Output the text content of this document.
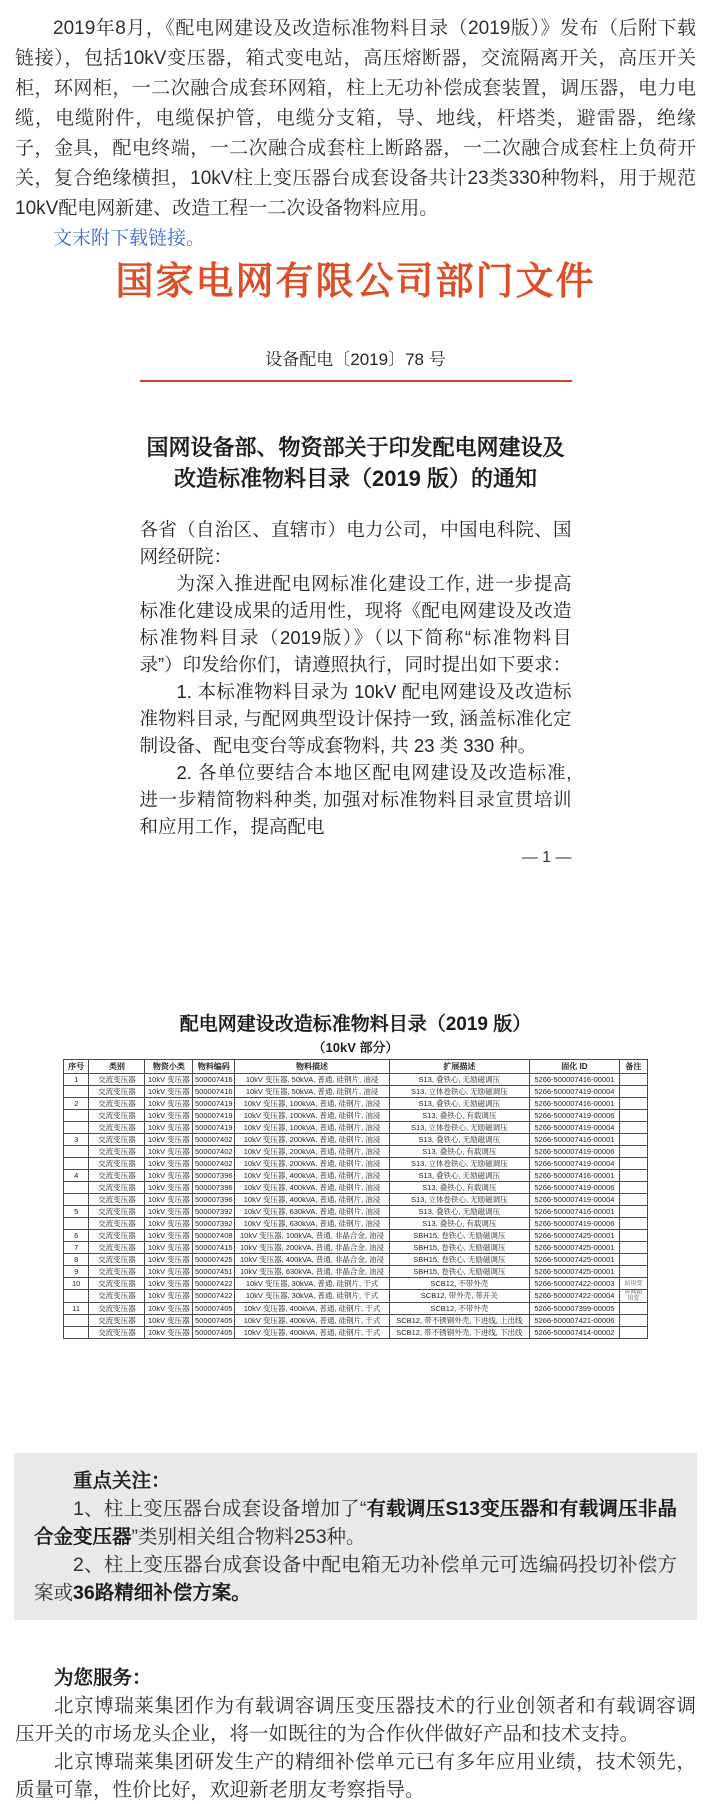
2019年8月，《配电网建设及改造标准物料目录（2019版）》发布（后附下载链接），包括10kV变压器，箱式变电站，高压熔断器，交流隔离开关，高压开关柜，环网柜，一二次融合成套环网箱，柱上无功补偿成套装置，调压器，电力电缆，电缆附件，电缆保护管，电缆分支箱，导、地线，杆塔类，避雷器，绝缘子，金具，配电终端，一二次融合成套柱上断路器，一二次融合成套柱上负荷开关，复合绝缘横担，10kV柱上变压器台成套设备共计23类330种物料，用于规范10kV配电网新建、改造工程一二次设备物料应用。

文末附下载链接。

国家电网有限公司部门文件
设备配电〔2019〕78 号
国网设备部、物资部关于印发配电网建设及
改造标准物料目录（2019 版）的通知

各省（自治区、直辖市）电力公司，中国电科院、国网经研院：

为深入推进配电网标准化建设工作, 进一步提高标准化建设成果的适用性，现将《配电网建设及改造标准物料目录（2019版）》（以下简称“标准物料目录”）印发给你们，请遵照执行，同时提出如下要求：

1. 本标准物料目录为 10kV 配电网建设及改造标准物料目录, 与配网典型设计保持一致, 涵盖标准化定制设备、配电变台等成套物料, 共 23 类 330 种。

2. 各单位要结合本地区配电网建设及改造标准, 进一步精简物料种类, 加强对标准物料目录宣贯培训和应用工作，提高配电

— 1 —
配电网建设改造标准物料目录（2019 版）
（10kV 部分）
序号	类别	物资小类	物料编码	物料描述	扩展描述	固化 ID	备注
1	交流变压器	10kV 变压器	500007416	10kV 变压器, 50kVA, 普通, 硅钢片, 油浸	S13, 叠铁心, 无励磁调压	5266-500007416-00001	
	交流变压器	10kV 变压器	500007416	10kV 变压器, 50kVA, 普通, 硅钢片, 油浸	S13, 立体卷铁心, 无励磁调压	5266-500007419-00004	
2	交流变压器	10kV 变压器	500007419	10kV 变压器, 100kVA, 普通, 硅钢片, 油浸	S13, 叠铁心, 无励磁调压	5266-500007416-00001	
	交流变压器	10kV 变压器	500007419	10kV 变压器, 100kVA, 普通, 硅钢片, 油浸	S13, 叠铁心, 有载调压	5266-500007419-00006	
	交流变压器	10kV 变压器	500007419	10kV 变压器, 100kVA, 普通, 硅钢片, 油浸	S13, 立体卷铁心, 无励磁调压	5266-500007419-00004	
3	交流变压器	10kV 变压器	500007402	10kV 变压器, 200kVA, 普通, 硅钢片, 油浸	S13, 叠铁心, 无励磁调压	5266-500007416-00001	
	交流变压器	10kV 变压器	500007402	10kV 变压器, 200kVA, 普通, 硅钢片, 油浸	S13, 叠铁心, 有载调压	5266-500007419-00006	
	交流变压器	10kV 变压器	500007402	10kV 变压器, 200kVA, 普通, 硅钢片, 油浸	S13, 立体卷铁心, 无励磁调压	5266-500007419-00004	
4	交流变压器	10kV 变压器	500007396	10kV 变压器, 400kVA, 普通, 硅钢片, 油浸	S13, 叠铁心, 无励磁调压	5266-500007416-00001	
	交流变压器	10kV 变压器	500007396	10kV 变压器, 400kVA, 普通, 硅钢片, 油浸	S13, 叠铁心, 有载调压	5266-500007419-00006	
	交流变压器	10kV 变压器	500007396	10kV 变压器, 400kVA, 普通, 硅钢片, 油浸	S13, 立体卷铁心, 无励磁调压	5266-500007419-00004	
5	交流变压器	10kV 变压器	500007392	10kV 变压器, 630kVA, 普通, 硅钢片, 油浸	S13, 叠铁心, 无励磁调压	5266-500007416-00001	
	交流变压器	10kV 变压器	500007392	10kV 变压器, 630kVA, 普通, 硅钢片, 油浸	S13, 叠铁心, 有载调压	5266-500007419-00006	
6	交流变压器	10kV 变压器	500007408	10kV 变压器, 100kVA, 普通, 非晶合金, 油浸	SBH15, 卷铁心, 无励磁调压	5266-500007425-00001	
7	交流变压器	10kV 变压器	500007415	10kV 变压器, 200kVA, 普通, 非晶合金, 油浸	SBH15, 卷铁心, 无励磁调压	5266-500007425-00001	
8	交流变压器	10kV 变压器	500007425	10kV 变压器, 400kVA, 普通, 非晶合金, 油浸	SBH15, 卷铁心, 无励磁调压	5266-500007425-00001	
9	交流变压器	10kV 变压器	500007451	10kV 变压器, 630kVA, 普通, 非晶合金, 油浸	SBH15, 卷铁心, 无励磁调压	5266-500007425-00001	
10	交流变压器	10kV 变压器	500007422	10kV 变压器, 30kVA, 普通, 硅钢片, 干式	SCB12, 不带外壳	5266-500007422-00003	站用变
	交流变压器	10kV 变压器	500007422	10kV 变压器, 30kVA, 普通, 硅钢片, 干式	SCB12, 带外壳, 带开关	5266-500007422-00004	环网箱 用变
11	交流变压器	10kV 变压器	500007405	10kV 变压器, 400kVA, 普通, 硅钢片, 干式	SCB12, 不带外壳	5266-500007399-00005	
	交流变压器	10kV 变压器	500007405	10kV 变压器, 400kVA, 普通, 硅钢片, 干式	SCB12, 带不锈钢外壳, 下进线, 上出线	5266-500007421-00006	
	交流变压器	10kV 变压器	500007405	10kV 变压器, 400kVA, 普通, 硅钢片, 干式	SCB12, 带不锈钢外壳, 下进线, 下出线	5266-500007414-00002	

重点关注：

1、柱上变压器台成套设备增加了“有载调压S13变压器和有载调压非晶合金变压器”类别相关组合物料253种。

2、柱上变压器台成套设备中配电箱无功补偿单元可选编码投切补偿方案或36路精细补偿方案。

为您服务：

北京博瑞莱集团作为有载调容调压变压器技术的行业创领者和有载调容调压开关的市场龙头企业，将一如既往的为合作伙伴做好产品和技术支持。

北京博瑞莱集团研发生产的精细补偿单元已有多年应用业绩，技术领先，质量可靠，性价比好，欢迎新老朋友考察指导。
